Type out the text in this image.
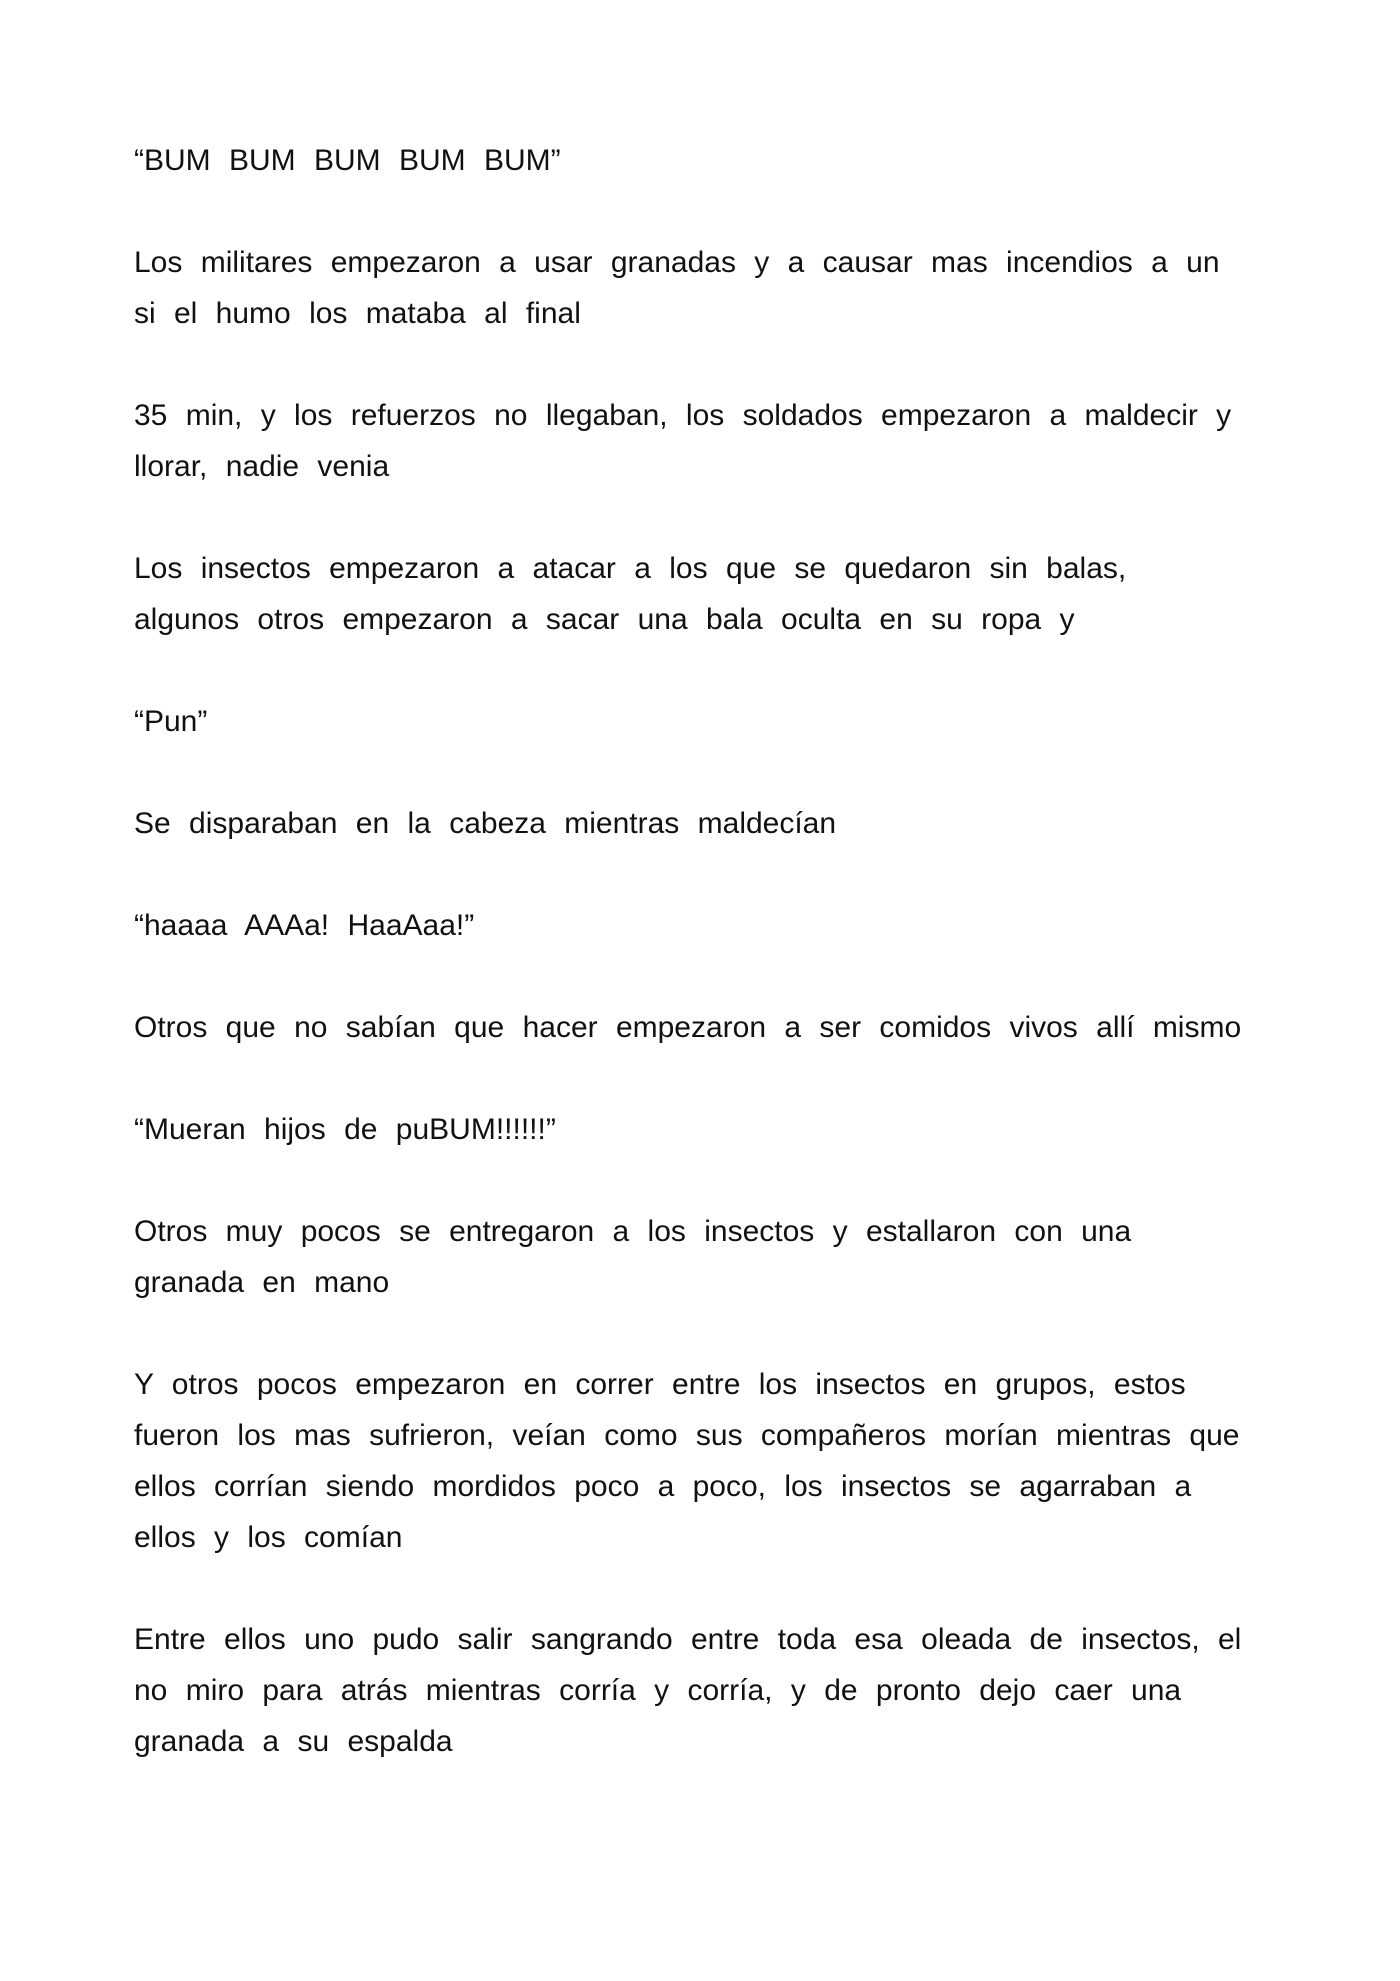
“BUM BUM BUM BUM BUM”

Los militares empezaron a usar granadas y a causar mas incendios a un
si el humo los mataba al final

35 min, y los refuerzos no llegaban, los soldados empezaron a maldecir y
llorar, nadie venia

Los insectos empezaron a atacar a los que se quedaron sin balas,
algunos otros empezaron a sacar una bala oculta en su ropa y

“Pun”

Se disparaban en la cabeza mientras maldecían

“haaaa AAAa! HaaAaa!”

Otros que no sabían que hacer empezaron a ser comidos vivos allí mismo

“Mueran hijos de puBUM!!!!!!”

Otros muy pocos se entregaron a los insectos y estallaron con una
granada en mano

Y otros pocos empezaron en correr entre los insectos en grupos, estos
fueron los mas sufrieron, veían como sus compañeros morían mientras que
ellos corrían siendo mordidos poco a poco, los insectos se agarraban a
ellos y los comían

Entre ellos uno pudo salir sangrando entre toda esa oleada de insectos, el
no miro para atrás mientras corría y corría, y de pronto dejo caer una
granada a su espalda
